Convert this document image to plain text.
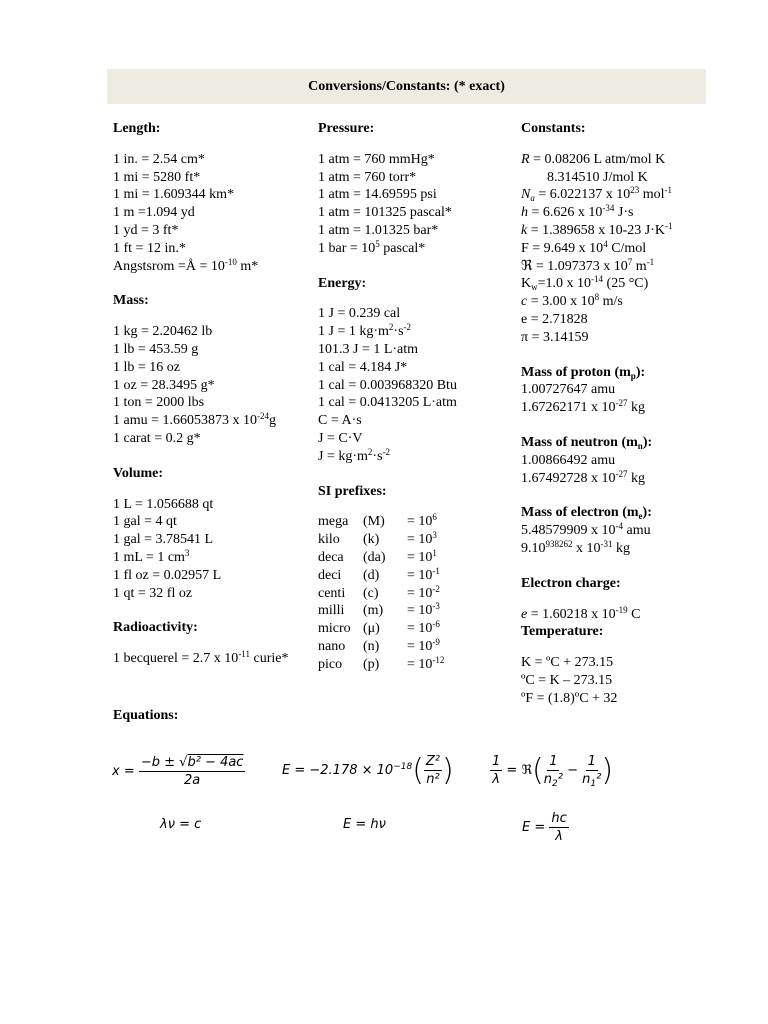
Conversions/Constants: (* exact)
Length:
1 in. = 2.54 cm*
1 mi = 5280 ft*
1 mi = 1.609344 km*
1 m =1.094 yd
1 yd = 3 ft*
1 ft = 12 in.*
Angstsrom =Å = $10^{-10}$ m*
Mass:
1 kg = 2.20462 lb
1 lb = 453.59 g
1 lb = 16 oz
1 oz = 28.3495 g*
1 ton = 2000 lbs
1 amu = 1.66053873 x $10^{-24}g$
1 carat = 0.2 g*
Volume:
1 L = 1.056688 qt
1 gal = 4 qt
1 gal = 3.78541 L
1 mL = 1 $cm^3$
1 fl oz = 0.02957 L
1 qt = 32 fl oz
Radioactivity:
1 becquerel = 2.7 x $10^{-11}$ curie*
Pressure:
1 atm = 760 mmHg*
1 atm = 760 torr*
1 atm = 14.69595 psi
1 atm = 101325 pascal*
1 atm = 1.01325 bar*
1 bar = $10^5$ pascal*
Energy:
1 J = 0.239 cal
1 J = 1 $kg\cdot m^2\cdot s^{-2}$
101.3 J = 1 L·atm
1 cal = 4.184 J*
1 cal = 0.003968320 Btu
1 cal = 0.0413205 L·atm
C = A·s
J = C·V
$J = kg\cdot m^2\cdot s^{-2}$
SI prefixes:
mega	(M)	= $10^6$
kilo	(k)	= $10^3$
deca	(da)	= $10^1$
deci	(d)	= $10^{-1}$
centi	(c)	= $10^{-2}$
milli	(m)	= $10^{-3}$
micro (μ)	= $10^{-6}$
nano	(n)	= $10^{-9}$
pico	(p)	= $10^{-12}$
Constants:
R = 0.08206 L atm/mol K
8.314510 J/mol K
$N_a = 6.022137$ x $10^{23}$ mol$^{-1}$
h = 6.626 x $10^{-34}$ J·s
k = 1.389658 x 10-23 $J\cdot K^{-1}$
F = 9.649 x $10^4$ C/mol
ℜ = 1.097373 x $10^7$ $m^{-1}$
$K_w=1.0$ x $10^{-14}$ (25 °C)
c = 3.00 x $10^8$ m/s
e = 2.71828
π = 3.14159
Mass of proton $(m_p)$:
1.00727647 amu
1.67262171 x $10^{-27}$ kg
Mass of neutron $(m_n)$:
1.00866492 amu
1.67492728 x $10^{-27}$ kg
Mass of electron $(m_e)$:
5.48579909 x $10^{-4}$ amu
$9.10^{938262}$ x $10^{-31}$ kg
Electron charge:
e = 1.60218 x $10^{-19}$ C
Temperature:
K = ºC + 273.15
ºC = K – 273.15
ºF = (1.8)ºC + 32
Equations:
$x = \frac{\text{−b ± √b² − 4ac}}{2a}$	$E = -2.178 \times 10^{-18}( \frac{\text{Z²}}{\text{n²}}$ )	$\frac{1}{\lambda}$ = ℜ( $\frac{1}{n_2^2} - \frac{1}{n_1^2}$ )
λν = c	E = hν	$E = \frac{hc}{\lambda}$
